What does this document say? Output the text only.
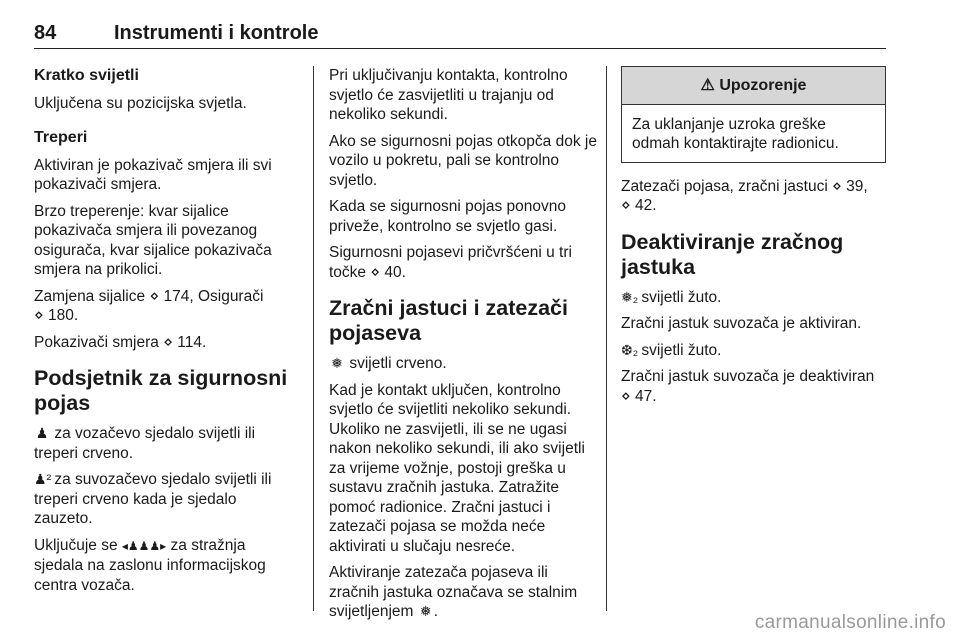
84	Instrumenti i kontrole
Kratko svijetli

Uključena su pozicijska svjetla.

Treperi

Aktiviran je pokazivač smjera ili svi pokazivači smjera.

Brzo treperenje: kvar sijalice pokazivača smjera ili povezanog osigurača, kvar sijalice pokazivača smjera na prikolici.

Zamjena sijalice ⋄ 174, Osigurači
⋄ 180.

Pokazivači smjera ⋄ 114.

Podsjetnik za sigurnosni pojas

♟ za vozačevo sjedalo svijetli ili treperi crveno.

♟² za suvozačevo sjedalo svijetli ili treperi crveno kada je sjedalo zauzeto.

Uključuje se ◂♟♟♟▸ za stražnja sjedala na zaslonu informacijskog centra vozača.

Pri uključivanju kontakta, kontrolno svjetlo će zasvijetliti u trajanju od nekoliko sekundi.

Ako se sigurnosni pojas otkopča dok je vozilo u pokretu, pali se kontrolno svjetlo.

Kada se sigurnosni pojas ponovno priveže, kontrolno se svjetlo gasi.

Sigurnosni pojasevi pričvršćeni u tri točke ⋄ 40.

Zračni jastuci i zatezači pojaseva

❅ svijetli crveno.

Kad je kontakt uključen, kontrolno svjetlo će svijetliti nekoliko sekundi. Ukoliko ne zasvijetli, ili se ne ugasi nakon nekoliko sekundi, ili ako svijetli za vrijeme vožnje, postoji greška u sustavu zračnih jastuka. Zatražite pomoć radionice. Zračni jastuci i zatezači pojasa se možda neće aktivirati u slučaju nesreće.

Aktiviranje zatezača pojaseva ili zračnih jastuka označava se stalnim svijetljenjem ❅ .

⚠ Upozorenje
Za uklanjanje uzroka greške odmah kontaktirajte radionicu.

Zatezači pojasa, zračni jastuci ⋄ 39,
⋄ 42.

Deaktiviranje zračnog jastuka

❅₂ svijetli žuto.

Zračni jastuk suvozača je aktiviran.

❆₂ svijetli žuto.

Zračni jastuk suvozača je deaktiviran
⋄ 47.

carmanualsonline.info
